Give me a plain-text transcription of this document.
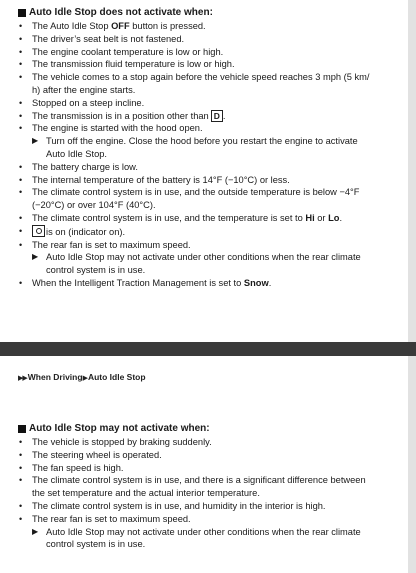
Auto Idle Stop does not activate when:
• The Auto Idle Stop OFF button is pressed.
• The driver’s seat belt is not fastened.
• The engine coolant temperature is low or high.
• The transmission fluid temperature is low or high.
• The vehicle comes to a stop again before the vehicle speed reaches 3 mph (5 km/
h) after the engine starts.
• Stopped on a steep incline.
• The transmission is in a position other than D .
• The engine is started with the hood open.
▶ Turn off the engine. Close the hood before you restart the engine to activate
Auto Idle Stop.
• The battery charge is low.
• The internal temperature of the battery is 14°F (−10°C) or less.
• The climate control system is in use, and the outside temperature is below −4°F
(−20°C) or over 104°F (40°C).
• The climate control system is in use, and the temperature is set to Hi or Lo.
•	is on (indicator on).
• The rear fan is set to maximum speed.
▶ Auto Idle Stop may not activate under other conditions when the rear climate
control system is in use.
• When the Intelligent Traction Management is set to Snow.
▶▶When Driving▶Auto Idle Stop
Auto Idle Stop may not activate when:
• The vehicle is stopped by braking suddenly.
• The steering wheel is operated.
• The fan speed is high.
• The climate control system is in use, and there is a significant difference between
the set temperature and the actual interior temperature.
• The climate control system is in use, and humidity in the interior is high.
• The rear fan is set to maximum speed.
▶ Auto Idle Stop may not activate under other conditions when the rear climate
control system is in use.
